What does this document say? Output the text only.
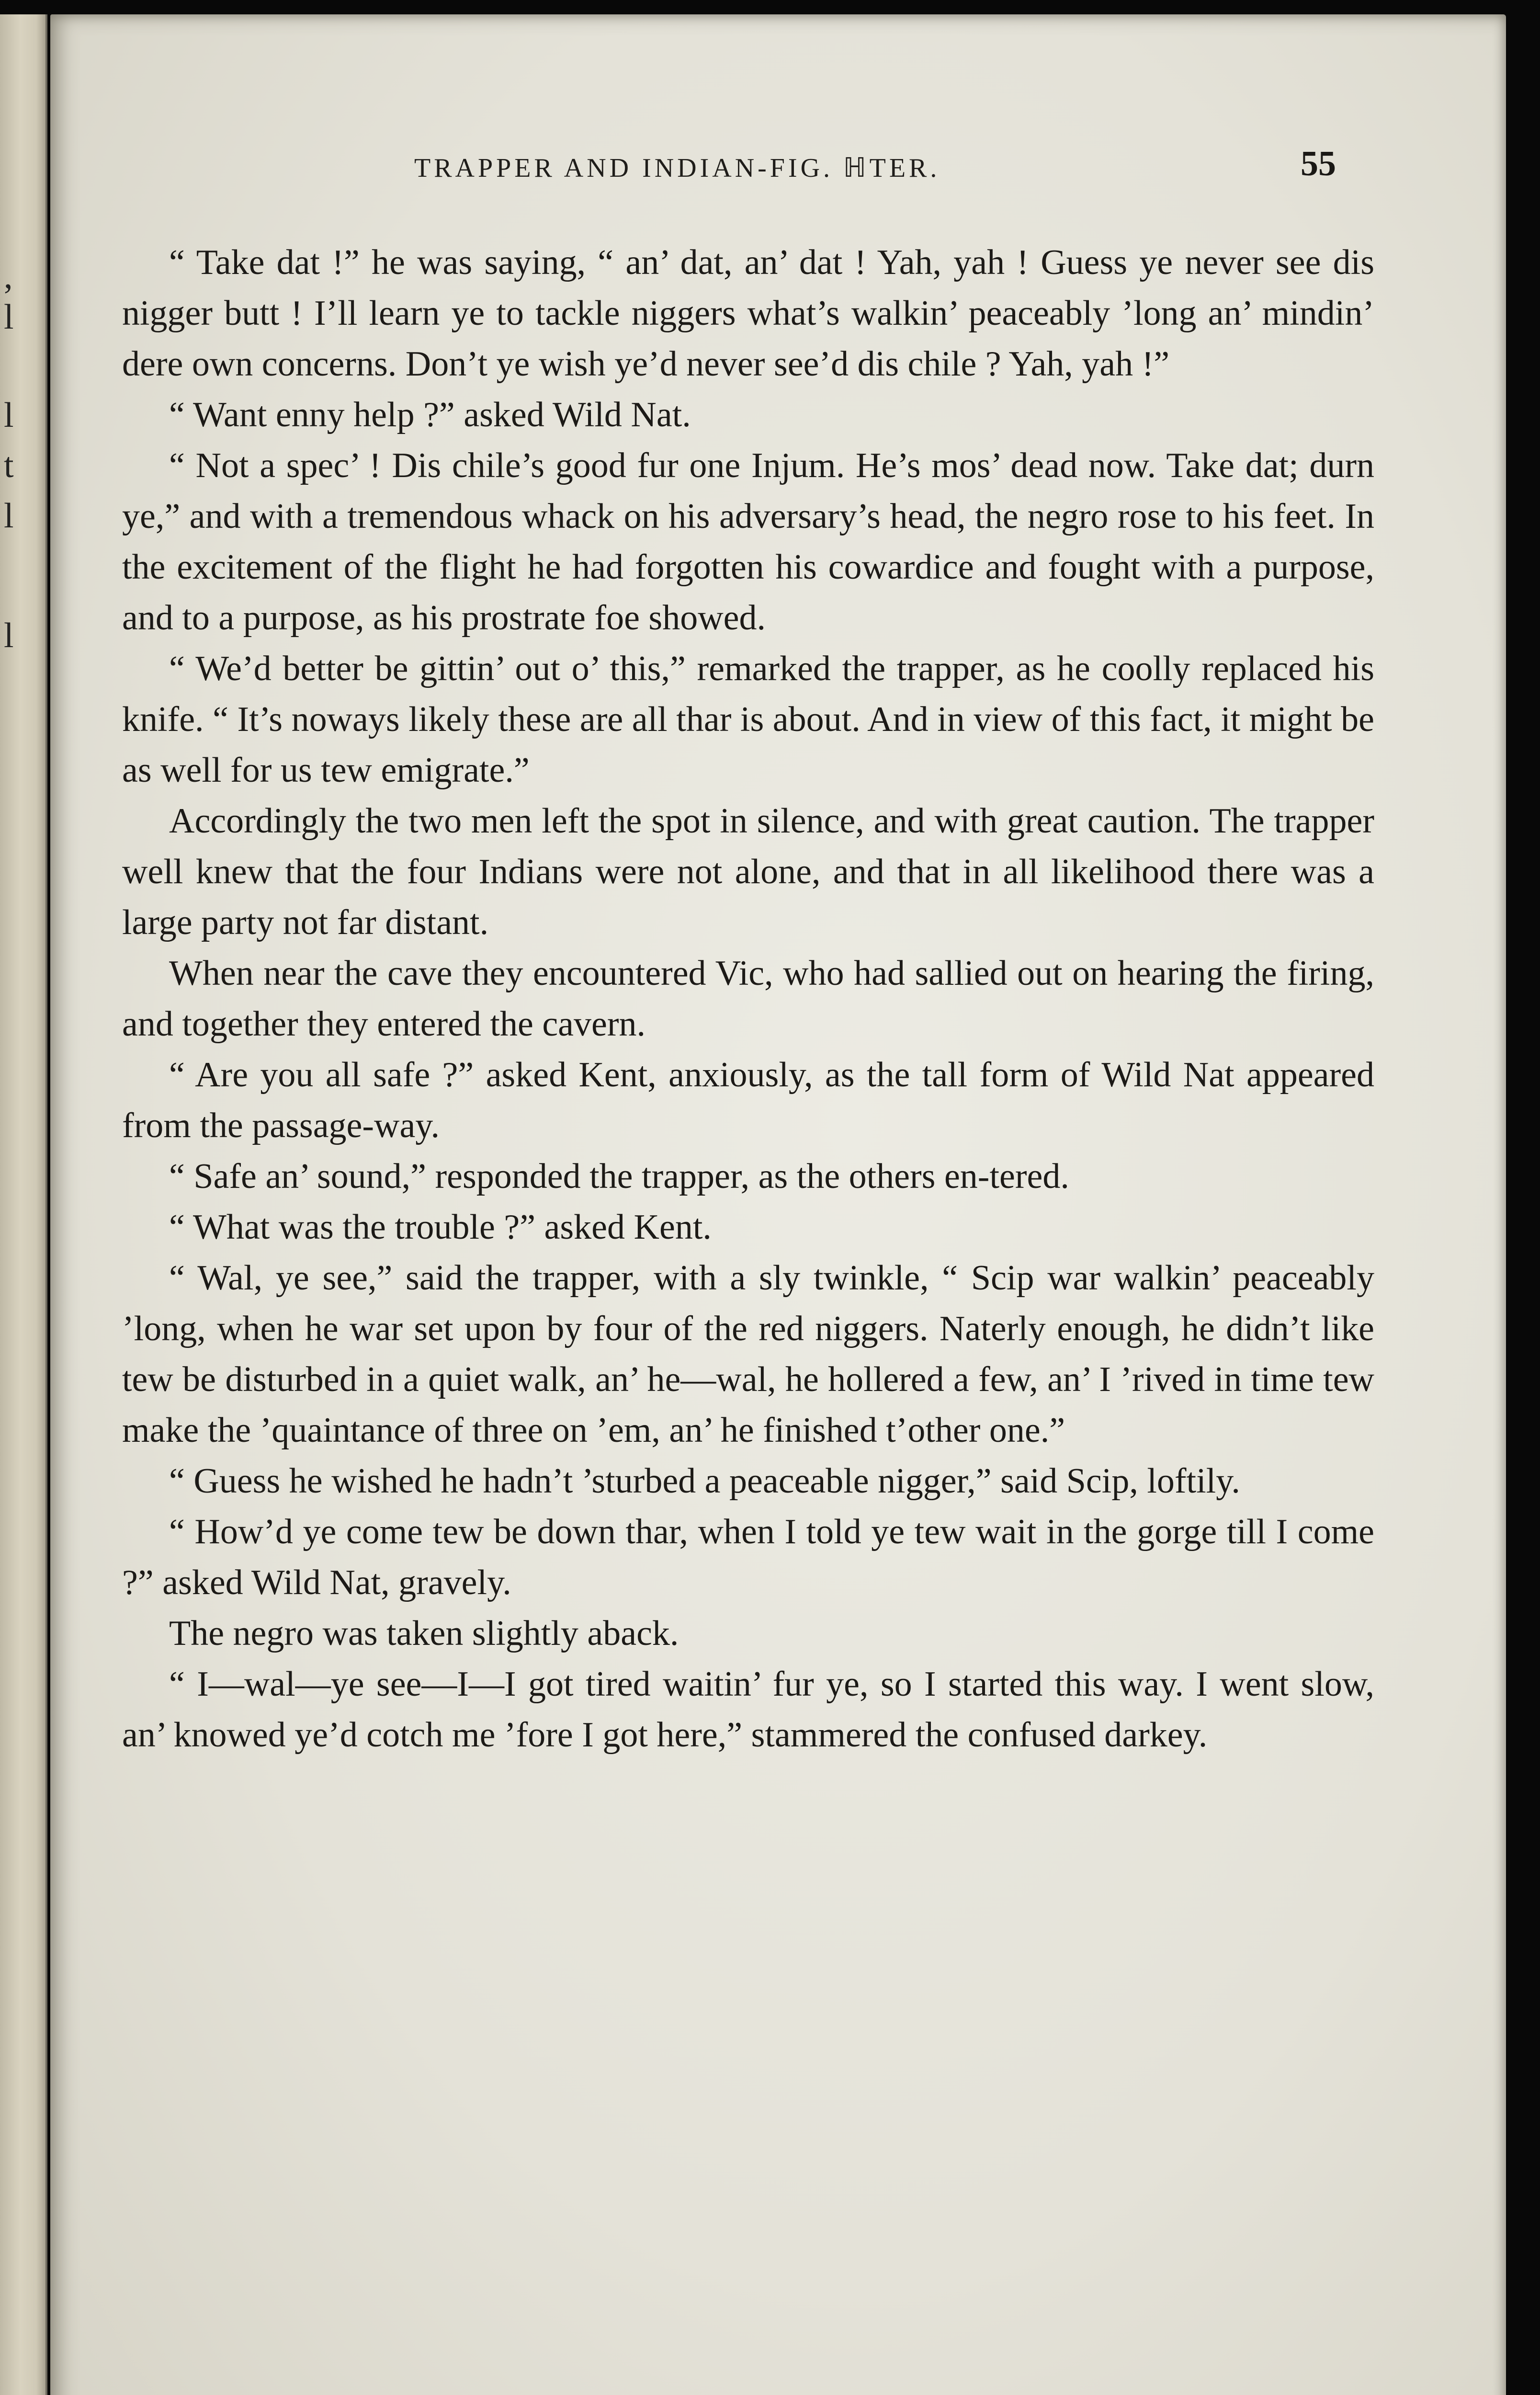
,
l
l
t
l
l
TRAPPER AND INDIAN-FIG. ℍTER.	55

“ Take dat !” he was saying, “ an’ dat, an’ dat ! Yah, yah ! Guess ye never see dis nigger butt ! I’ll learn ye to tackle niggers what’s walkin’ peaceably ’long an’ mindin’ dere own concerns. Don’t ye wish ye’d never see’d dis chile ? Yah, yah !”

“ Want enny help ?” asked Wild Nat.

“ Not a spec’ ! Dis chile’s good fur one Injum. He’s mos’ dead now. Take dat; durn ye,” and with a tremendous whack on his adversary’s head, the negro rose to his feet. In the excitement of the flight he had forgotten his cowardice and fought with a purpose, and to a purpose, as his prostrate foe showed.

“ We’d better be gittin’ out o’ this,” remarked the trapper, as he coolly replaced his knife. “ It’s noways likely these are all thar is about. And in view of this fact, it might be as well for us tew emigrate.”

Accordingly the two men left the spot in silence, and with great caution. The trapper well knew that the four Indians were not alone, and that in all likelihood there was a large party not far distant.

When near the cave they encountered Vic, who had sallied out on hearing the firing, and together they entered the cavern.

“ Are you all safe ?” asked Kent, anxiously, as the tall form of Wild Nat appeared from the passage-way.

“ Safe an’ sound,” responded the trapper, as the others en-tered.

“ What was the trouble ?” asked Kent.

“ Wal, ye see,” said the trapper, with a sly twinkle, “ Scip war walkin’ peaceably ’long, when he war set upon by four of the red niggers. Naterly enough, he didn’t like tew be disturbed in a quiet walk, an’ he—wal, he hollered a few, an’ I ’rived in time tew make the ’quaintance of three on ’em, an’ he finished t’other one.”

“ Guess he wished he hadn’t ’sturbed a peaceable nigger,” said Scip, loftily.

“ How’d ye come tew be down thar, when I told ye tew wait in the gorge till I come ?” asked Wild Nat, gravely.

The negro was taken slightly aback.

“ I—wal—ye see—I—I got tired waitin’ fur ye, so I started this way. I went slow, an’ knowed ye’d cotch me ’fore I got here,” stammered the confused darkey.
